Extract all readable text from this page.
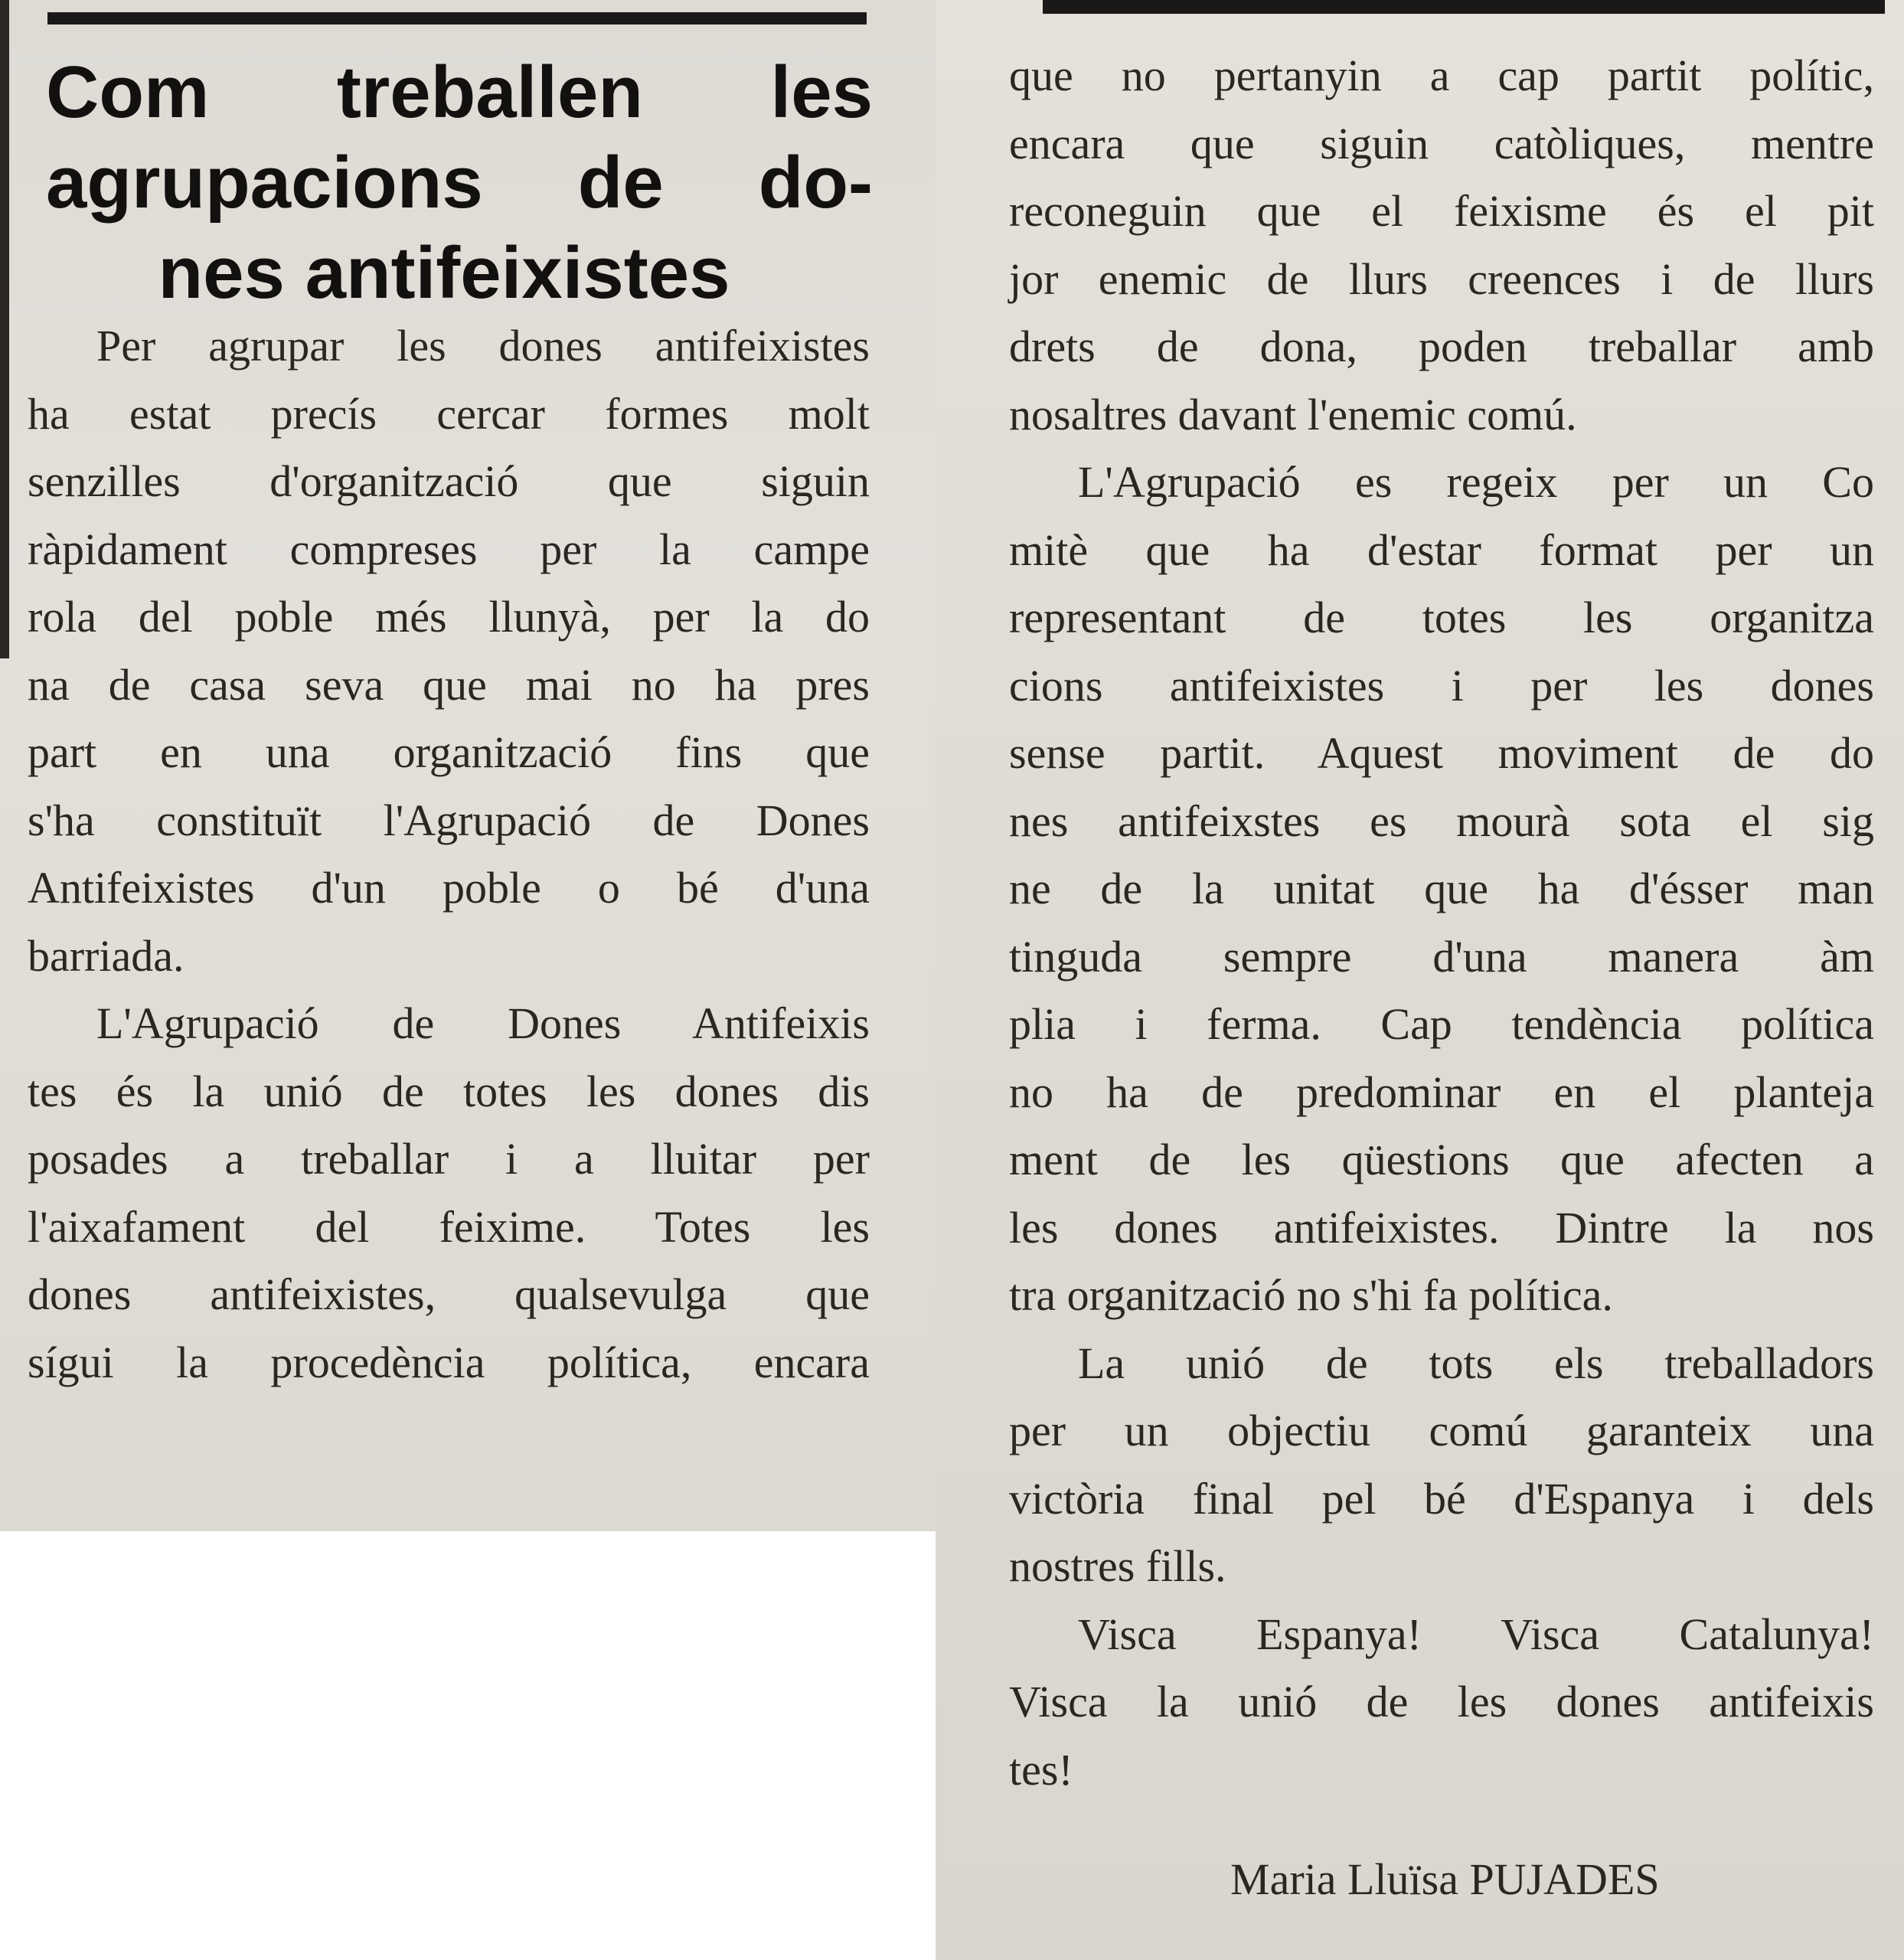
Com treballen les
agrupacions de do-
nes antifeixistes
Per agrupar les dones antifeixistes
ha estat precís cercar formes molt
senzilles d'organització que siguin
ràpidament compreses per la campe
rola del poble més llunyà, per la do
na de casa seva que mai no ha pres
part en una organització fins que
s'ha constituït l'Agrupació de Dones
Antifeixistes d'un poble o bé d'una
barriada.
L'Agrupació de Dones Antifeixis
tes és la unió de totes les dones dis
posades a treballar i a lluitar per
l'aixafament del feixime. Totes les
dones antifeixistes, qualsevulga que
sígui la procedència política, encara
que no pertanyin a cap partit polític,
encara que siguin catòliques, mentre
reconeguin que el feixisme és el pit
jor enemic de llurs creences i de llurs
drets de dona, poden treballar amb
nosaltres davant l'enemic comú.
L'Agrupació es regeix per un Co
mitè que ha d'estar format per un
representant de totes les organitza
cions antifeixistes i per les dones
sense partit. Aquest moviment de do
nes antifeixstes es mourà sota el sig
ne de la unitat que ha d'ésser man
tinguda sempre d'una manera àm
plia i ferma. Cap tendència política
no ha de predominar en el planteja
ment de les qüestions que afecten a
les dones antifeixistes. Dintre la nos
tra organització no s'hi fa política.
La unió de tots els treballadors
per un objectiu comú garanteix una
victòria final pel bé d'Espanya i dels
nostres fills.
Visca Espanya! Visca Catalunya!
Visca la unió de les dones antifeixis
tes!
Maria Lluïsa PUJADES
